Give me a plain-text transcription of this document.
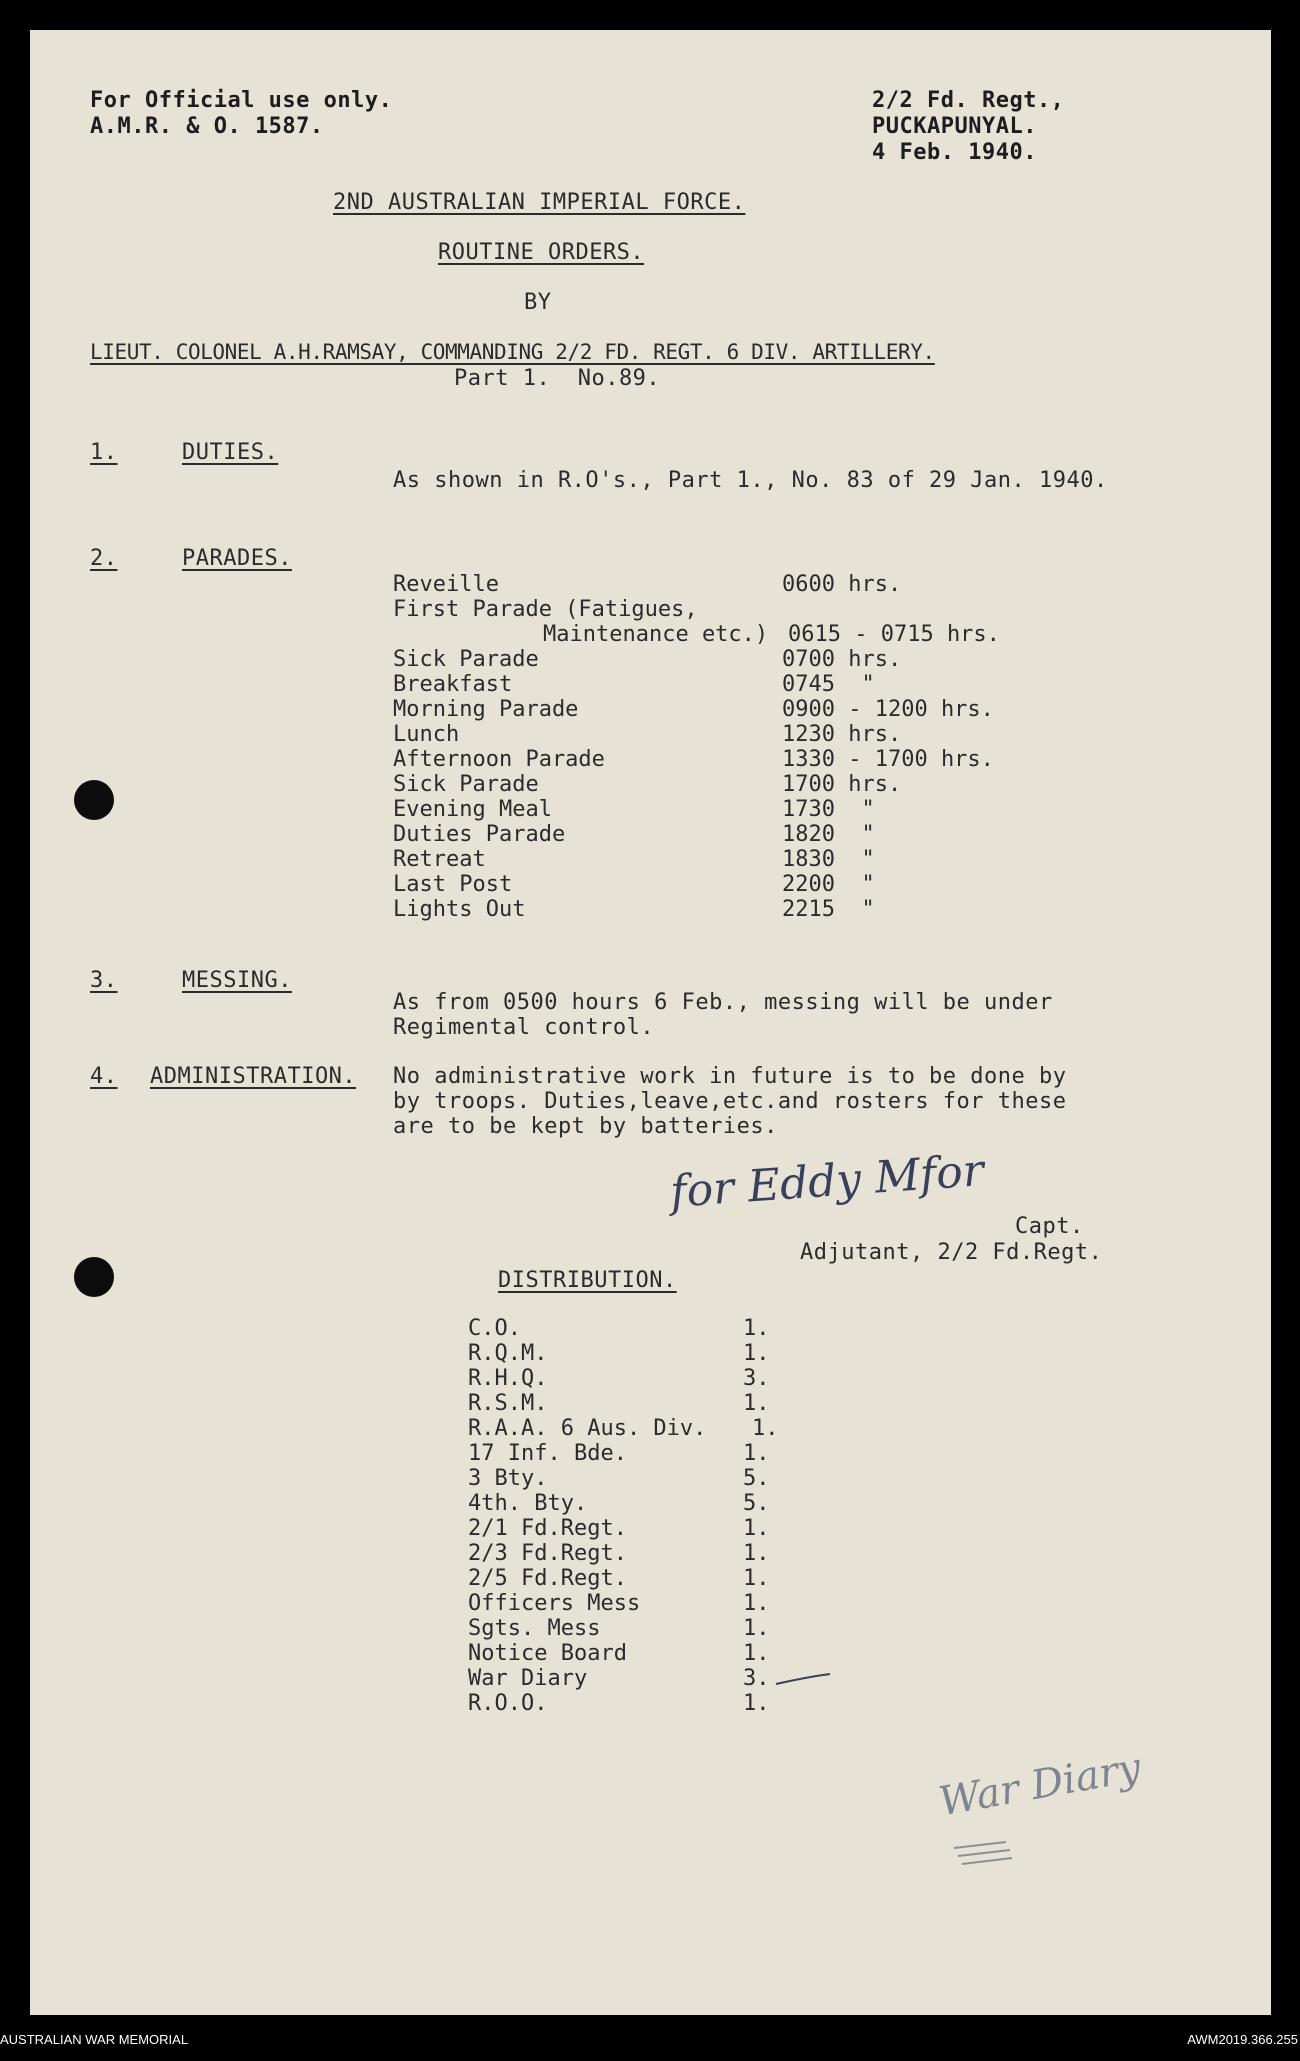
For Official use only.
A.M.R. & O. 1587.
2/2 Fd. Regt.,
PUCKAPUNYAL.
4 Feb. 1940.
2ND AUSTRALIAN IMPERIAL FORCE.
ROUTINE ORDERS.
BY
LIEUT. COLONEL A.H.RAMSAY, COMMANDING 2/2 FD. REGT. 6 DIV. ARTILLERY.
Part 1.  No.89.
1.	DUTIES.
As shown in R.O's., Part 1., No. 83 of 29 Jan. 1940.
2.	PARADES.
Reveille	0600 hrs.
First Parade (Fatigues,
Maintenance etc.) 0615 - 0715 hrs.
Sick Parade	0700 hrs.
Breakfast	0745  "
Morning Parade	0900 - 1200 hrs.
Lunch	1230 hrs.
Afternoon Parade	1330 - 1700 hrs.
Sick Parade	1700 hrs.
Evening Meal	1730  "
Duties Parade	1820  "
Retreat	1830  "
Last Post	2200  "
Lights Out	2215  "
3.	MESSING.
As from 0500 hours 6 Feb., messing will be under
Regimental control.
4. ADMINISTRATION. No administrative work in future is to be done by
by troops. Duties,leave,etc.and rosters for these
are to be kept by batteries.
for Eddy Mfor
Capt.
Adjutant, 2/2 Fd.Regt.
DISTRIBUTION.
C.O.	1.
R.Q.M.	1.
R.H.Q.	3.
R.S.M.	1.
R.A.A. 6 Aus. Div. 1.
17 Inf. Bde.	1.
3 Bty.	5.
4th. Bty.	5.
2/1 Fd.Regt.	1.
2/3 Fd.Regt.	1.
2/5 Fd.Regt.	1.
Officers Mess	1.
Sgts. Mess	1.
Notice Board	1.
War Diary	3.
R.O.O.	1.
War Diary
AUSTRALIAN WAR MEMORIAL	AWM2019.366.255
